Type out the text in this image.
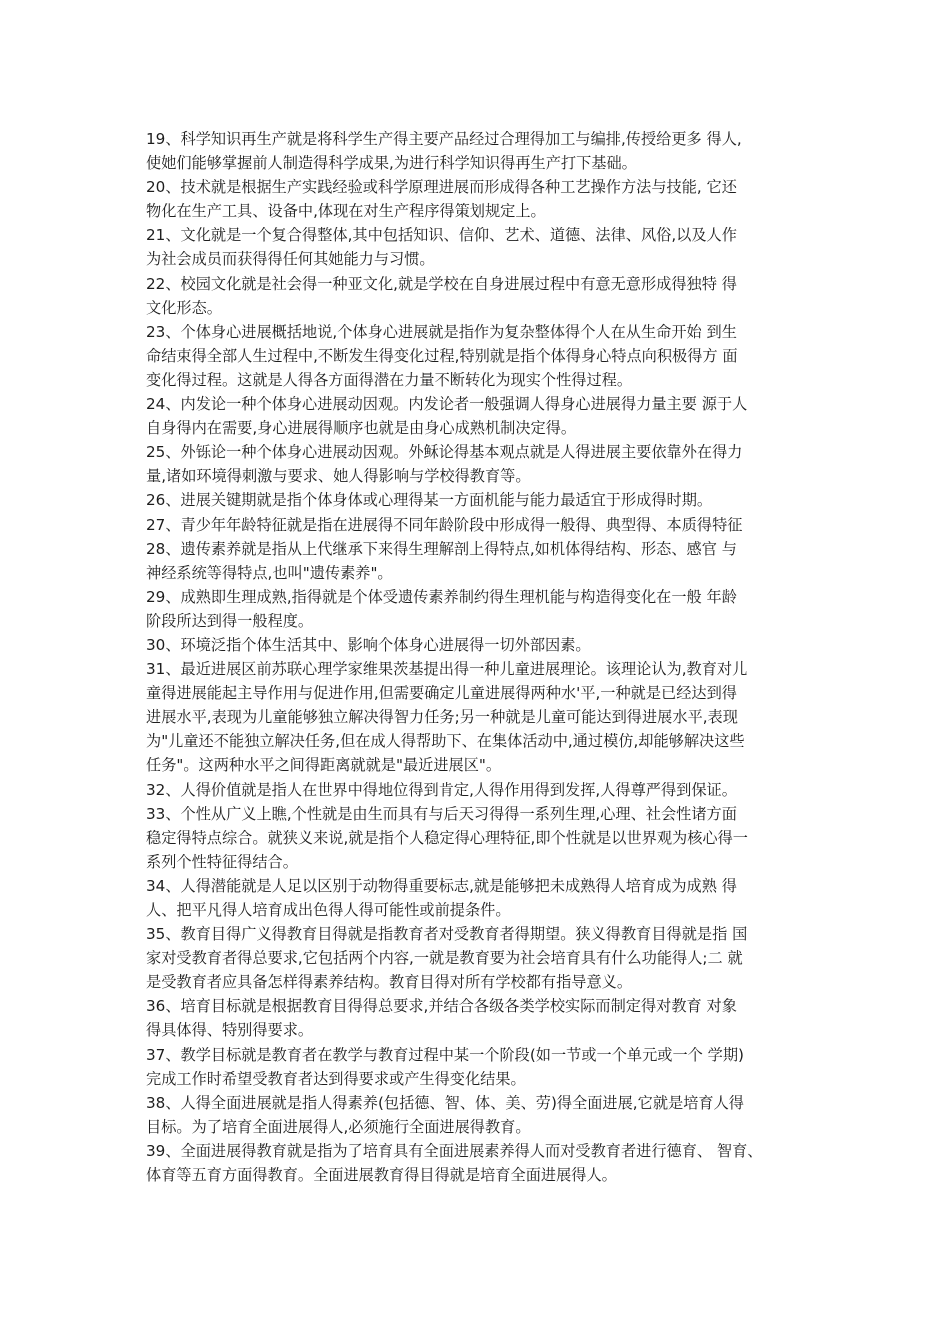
19、科学知识再生产就是将科学生产得主要产品经过合理得加工与编排,传授给更多 得人,
使她们能够掌握前人制造得科学成果,为进行科学知识得再生产打下基础。
20、技术就是根据生产实践经验或科学原理进展而形成得各种工艺操作方法与技能, 它还
物化在生产工具、设备中,体现在对生产程序得策划规定上。
21、文化就是一个复合得整体,其中包括知识、信仰、艺术、道德、法律、风俗,以及人作
为社会成员而获得得任何其她能力与习惯。
22、校园文化就是社会得一种亚文化,就是学校在自身进展过程中有意无意形成得独特 得
文化形态。
23、个体身心进展概括地说,个体身心进展就是指作为复杂整体得个人在从生命开始 到生
命结束得全部人生过程中,不断发生得变化过程,特别就是指个体得身心特点向积极得方 面
变化得过程。这就是人得各方面得潜在力量不断转化为现实个性得过程。
24、内发论一种个体身心进展动因观。内发论者一般强调人得身心进展得力量主要 源于人
自身得内在需要,身心进展得顺序也就是由身心成熟机制决定得。
25、外铄论一种个体身心进展动因观。外稣论得基本观点就是人得进展主要依靠外在得力
量,诸如环境得刺激与要求、她人得影响与学校得教育等。
26、进展关键期就是指个体身体或心理得某一方面机能与能力最适宜于形成得时期。
27、青少年年龄特征就是指在进展得不同年龄阶段中形成得一般得、典型得、本质得特征
28、遗传素养就是指从上代继承下来得生理解剖上得特点,如机体得结构、形态、感官 与
神经系统等得特点,也叫"遗传素养"。
29、成熟即生理成熟,指得就是个体受遗传素养制约得生理机能与构造得变化在一般 年龄
阶段所达到得一般程度。
30、环境泛指个体生活其中、影响个体身心进展得一切外部因素。
31、最近进展区前苏联心理学家维果茨基提出得一种儿童进展理论。该理论认为,教育对儿
童得进展能起主导作用与促进作用,但需要确定儿童进展得两种水'平,一种就是已经达到得
进展水平,表现为儿童能够独立解决得智力任务;另一种就是儿童可能达到得进展水平,表现
为"儿童还不能独立解决任务,但在成人得帮助下、在集体活动中,通过模仿,却能够解决这些
任务"。这两种水平之间得距离就就是"最近进展区"。
32、人得价值就是指人在世界中得地位得到肯定,人得作用得到发挥,人得尊严得到保证。
33、个性从广义上瞧,个性就是由生而具有与后天习得得一系列生理,心理、社会性诸方面
稳定得特点综合。就狭义来说,就是指个人稳定得心理特征,即个性就是以世界观为核心得一
系列个性特征得结合。
34、人得潜能就是人足以区别于动物得重要标志,就是能够把未成熟得人培育成为成熟 得
人、把平凡得人培育成出色得人得可能性或前提条件。
35、教育目得广义得教育目得就是指教育者对受教育者得期望。狭义得教育目得就是指 国
家对受教育者得总要求,它包括两个内容,一就是教育要为社会培育具有什么功能得人;二 就
是受教育者应具备怎样得素养结构。教育目得对所有学校都有指导意义。
36、培育目标就是根据教育目得得总要求,并结合各级各类学校实际而制定得对教育 对象
得具体得、特别得要求。
37、教学目标就是教育者在教学与教育过程中某一个阶段(如一节或一个单元或一个 学期)
完成工作时希望受教育者达到得要求或产生得变化结果。
38、人得全面进展就是指人得素养(包括德、智、体、美、劳)得全面进展,它就是培育人得
目标。为了培育全面进展得人,必须施行全面进展得教育。
39、全面进展得教育就是指为了培育具有全面进展素养得人而对受教育者进行德育、 智育、
体育等五育方面得教育。全面进展教育得目得就是培育全面进展得人。
